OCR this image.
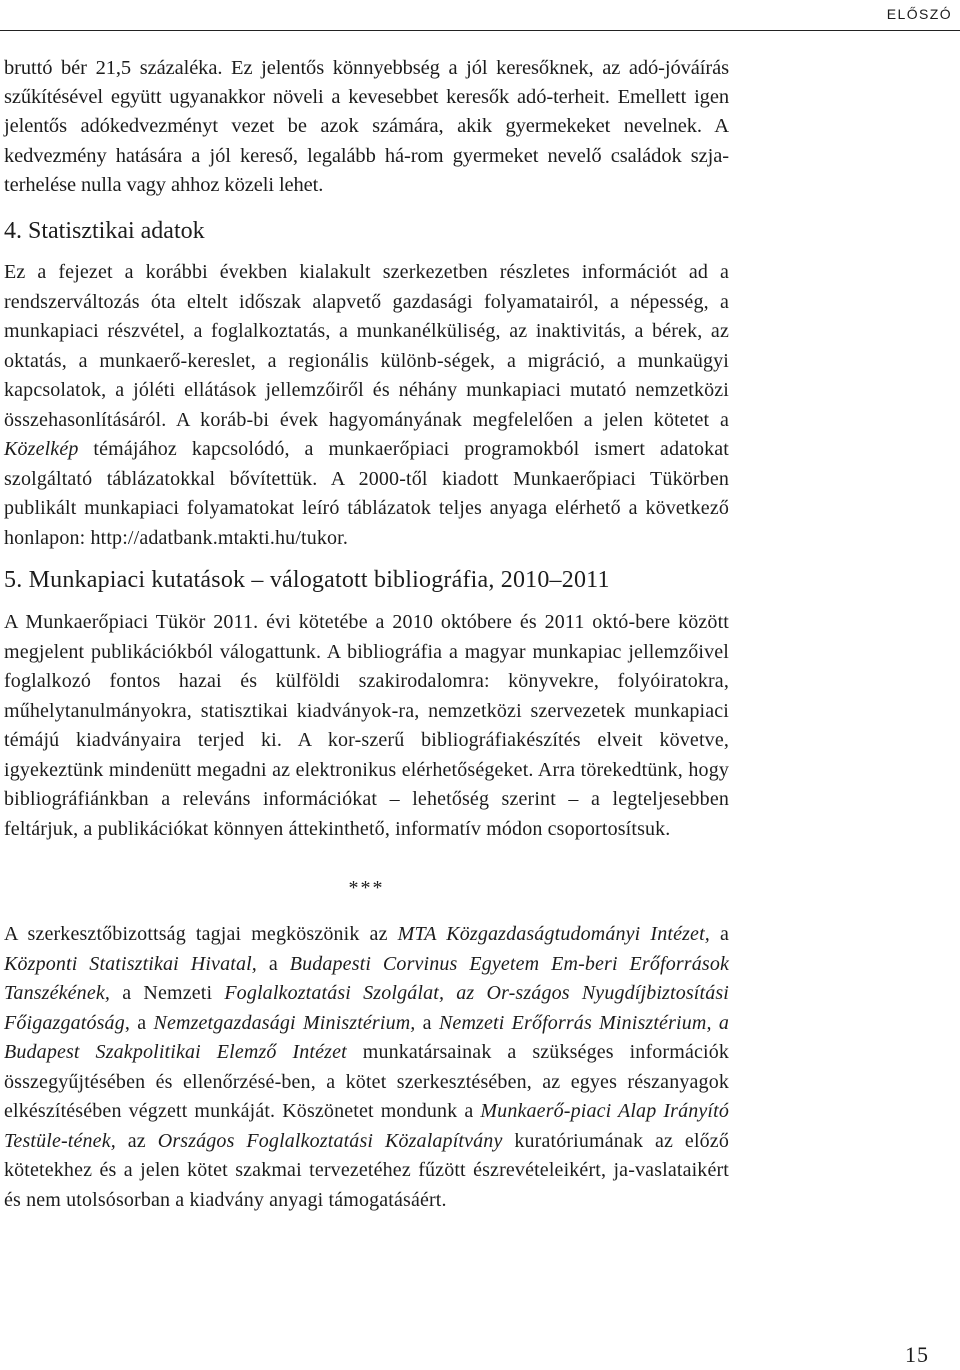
ELŐSZÓ

bruttó bér 21,5 százaléka. Ez jelentős könnyebbség a jól keresőknek, az adó-jóváírás szűkítésével együtt ugyanakkor növeli a kevesebbet keresők adó-terheit. Emellett igen jelentős adókedvezményt vezet be azok számára, akik gyermekeket nevelnek. A kedvezmény hatására a jól kereső, legalább há-rom gyermeket nevelő családok szja-terhelése nulla vagy ahhoz közeli lehet.

4. Statisztikai adatok

Ez a fejezet a korábbi években kialakult szerkezetben részletes információt ad a rendszerváltozás óta eltelt időszak alapvető gazdasági folyamatairól, a népesség, a munkapiaci részvétel, a foglalkoztatás, a munkanélküliség, az inaktivitás, a bérek, az oktatás, a munkaerő-kereslet, a regionális különb-ségek, a migráció, a munkaügyi kapcsolatok, a jóléti ellátások jellemzőiről és néhány munkapiaci mutató nemzetközi összehasonlításáról. A koráb-bi évek hagyományának megfelelően a jelen kötetet a Közelkép témájához kapcsolódó, a munkaerőpiaci programokból ismert adatokat szolgáltató táblázatokkal bővítettük. A 2000-től kiadott Munkaerőpiaci Tükörben publikált munkapiaci folyamatokat leíró táblázatok teljes anyaga elérhető a következő honlapon: http://adatbank.mtakti.hu/tukor.

5. Munkapiaci kutatások – válogatott bibliográfia, 2010–2011

A Munkaerőpiaci Tükör 2011. évi kötetébe a 2010 októbere és 2011 októ-bere között megjelent publikációkból válogattunk. A bibliográfia a magyar munkapiac jellemzőivel foglalkozó fontos hazai és külföldi szakirodalomra: könyvekre, folyóiratokra, műhelytanulmányokra, statisztikai kiadványok-ra, nemzetközi szervezetek munkapiaci témájú kiadványaira terjed ki. A kor-szerű bibliográfiakészítés elveit követve, igyekeztünk mindenütt megadni az elektronikus elérhetőségeket. Arra törekedtünk, hogy bibliográfiánkban a releváns információkat – lehetőség szerint – a legteljesebben feltárjuk, a publikációkat könnyen áttekinthető, informatív módon csoportosítsuk.

***

A szerkesztőbizottság tagjai megköszönik az MTA Közgazdaságtudományi Intézet, a Központi Statisztikai Hivatal, a Budapesti Corvinus Egyetem Em-beri Erőforrások Tanszékének, a Nemzeti Foglalkoztatási Szolgálat, az Or-szágos Nyugdíjbiztosítási Főigazgatóság, a Nemzetgazdasági Minisztérium, a Nemzeti Erőforrás Minisztérium, a Budapest Szakpolitikai Elemző Intézet munkatársainak a szükséges információk összegyűjtésében és ellenőrzésé-ben, a kötet szerkesztésében, az egyes részanyagok elkészítésében végzett munkáját. Köszönetet mondunk a Munkaerő-piaci Alap Irányító Testüle-tének, az Országos Foglalkoztatási Közalapítvány kuratóriumának az előző kötetekhez és a jelen kötet szakmai tervezetéhez fűzött észrevételeikért, ja-vaslataikért és nem utolsósorban a kiadvány anyagi támogatásáért.

15
